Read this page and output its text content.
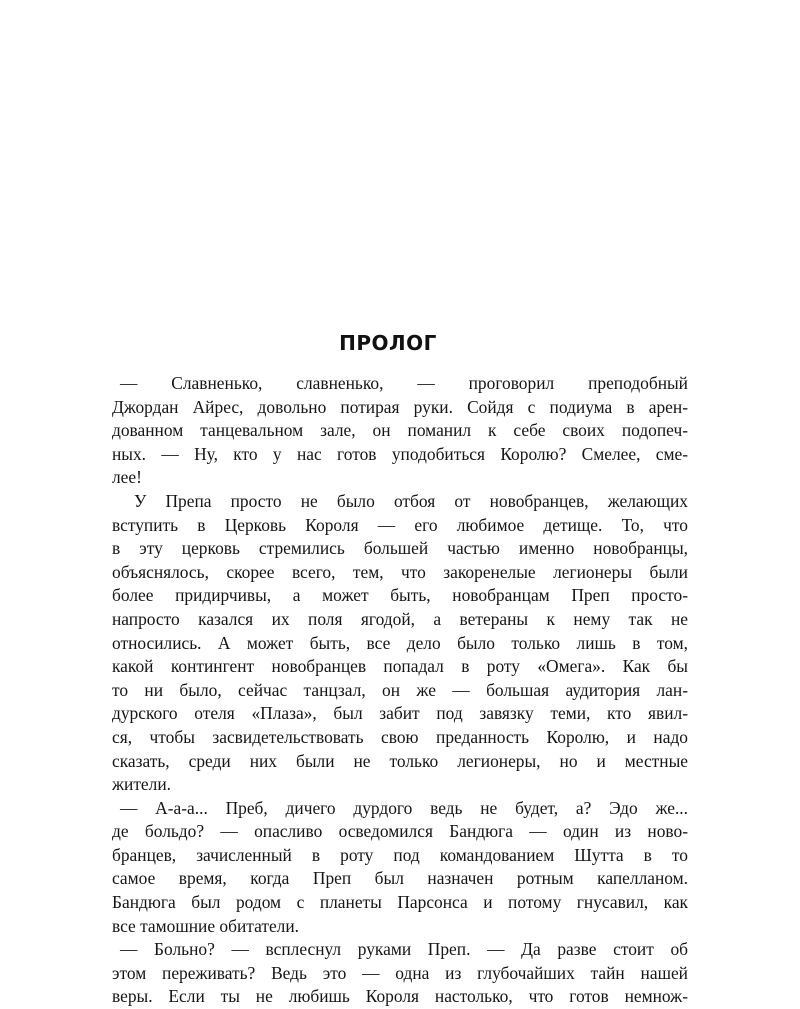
ПРОЛОГ
— Славненько, славненько, — проговорил преподобный
Джордан Айрес, довольно потирая руки. Сойдя с подиума в арен-
дованном танцевальном зале, он поманил к себе своих подопеч-
ных. — Ну, кто у нас готов уподобиться Королю? Смелее, сме-
лее!
У Препа просто не было отбоя от новобранцев, желающих
вступить в Церковь Короля — его любимое детище. То, что
в эту церковь стремились большей частью именно новобранцы,
объяснялось, скорее всего, тем, что закоренелые легионеры были
более придирчивы, а может быть, новобранцам Преп просто-
напросто казался их поля ягодой, а ветераны к нему так не
относились. А может быть, все дело было только лишь в том,
какой контингент новобранцев попадал в роту «Омега». Как бы
то ни было, сейчас танцзал, он же — большая аудитория лан-
дурского отеля «Плаза», был забит под завязку теми, кто явил-
ся, чтобы засвидетельствовать свою преданность Королю, и надо
сказать, среди них были не только легионеры, но и местные
жители.
— А-а-а... Преб, дичего дурдого ведь не будет, а? Эдо же...
де больдо? — опасливо осведомился Бандюга — один из ново-
бранцев, зачисленный в роту под командованием Шутта в то
самое время, когда Преп был назначен ротным капелланом.
Бандюга был родом с планеты Парсонса и потому гнусавил, как
все тамошние обитатели.
— Больно? — всплеснул руками Преп. — Да разве стоит об
этом переживать? Ведь это — одна из глубочайших тайн нашей
веры. Если ты не любишь Короля настолько, что готов немнож-
